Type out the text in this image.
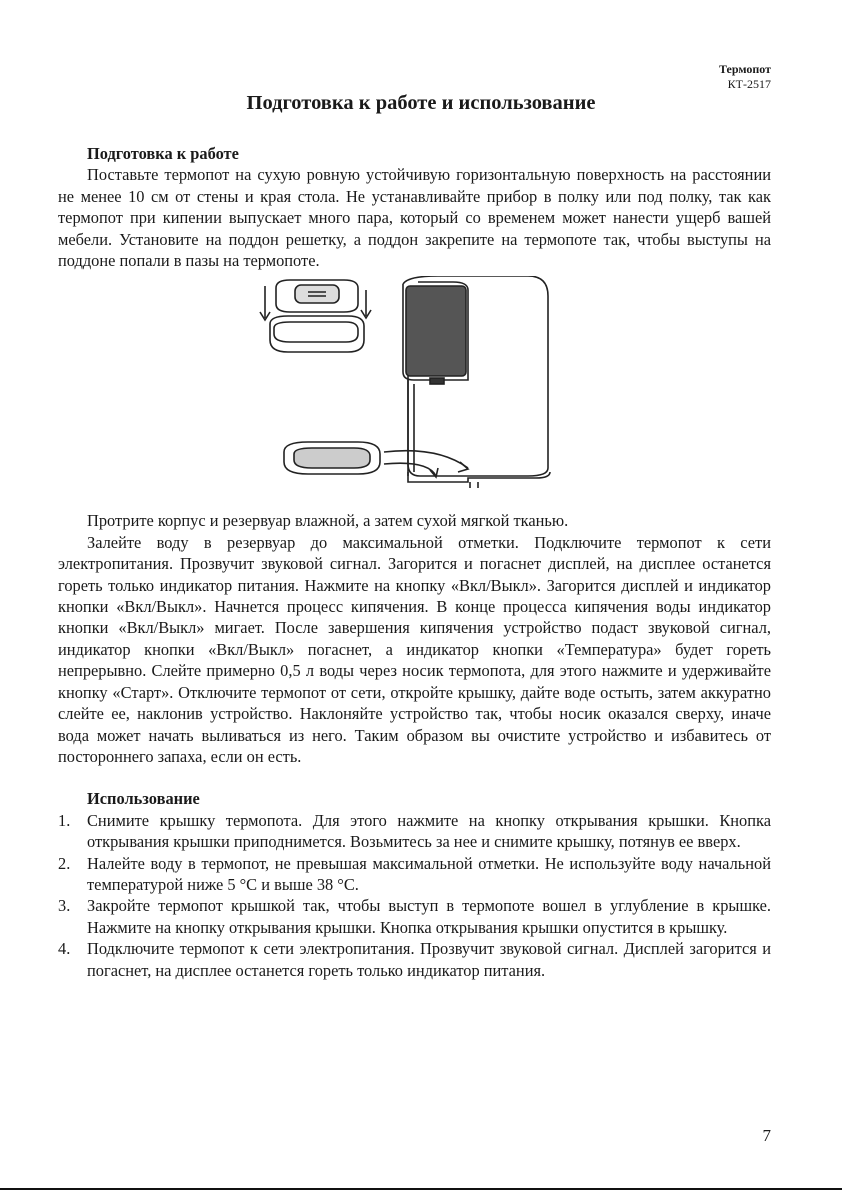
Термопот
КТ-2517
Подготовка к работе и использование
Подготовка к работе

Поставьте термопот на сухую ровную устойчивую горизонтальную поверхность на расстоянии не менее 10 см от стены и края стола. Не устанавливайте прибор в полку или под полку, так как термопот при кипении выпускает много пара, который со временем может нанести ущерб вашей мебели. Установите на поддон решетку, а поддон закрепите на термопоте так, чтобы выступы на поддоне попали в пазы на термопоте.

Протрите корпус и резервуар влажной, а затем сухой мягкой тканью.

Залейте воду в резервуар до максимальной отметки. Подключите термопот к сети электропитания. Прозвучит звуковой сигнал. Загорится и погаснет дисплей, на дисплее останется гореть только индикатор питания. Нажмите на кнопку «Вкл/Выкл». Загорится дисплей и индикатор кнопки «Вкл/Выкл». Начнется процесс кипячения. В конце процесса кипячения воды индикатор кнопки «Вкл/Выкл» мигает. После завершения кипячения устройство подаст звуковой сигнал, индикатор кнопки «Вкл/Выкл» погаснет, а индикатор кнопки «Температура» будет гореть непрерывно. Слейте примерно 0,5 л воды через носик термопота, для этого нажмите и удерживайте кнопку «Старт». Отключите термопот от сети, откройте крышку, дайте воде остыть, затем аккуратно слейте ее, наклонив устройство. Наклоняйте устройство так, чтобы носик оказался сверху, иначе вода может начать выливаться из него. Таким образом вы очистите устройство и избавитесь от постороннего запаха, если он есть.

Использование
1. Снимите крышку термопота. Для этого нажмите на кнопку открывания крышки. Кнопка открывания крышки приподнимется. Возьмитесь за нее и снимите крышку, потянув ее вверх.
2. Налейте воду в термопот, не превышая максимальной отметки. Не используйте воду начальной температурой ниже 5 °С и выше 38 °С.
3. Закройте термопот крышкой так, чтобы выступ в термопоте вошел в углубление в крышке. Нажмите на кнопку открывания крышки. Кнопка открывания крышки опустится в крышку.
4. Подключите термопот к сети электропитания. Прозвучит звуковой сигнал. Дисплей загорится и погаснет, на дисплее останется гореть только индикатор питания.
7
